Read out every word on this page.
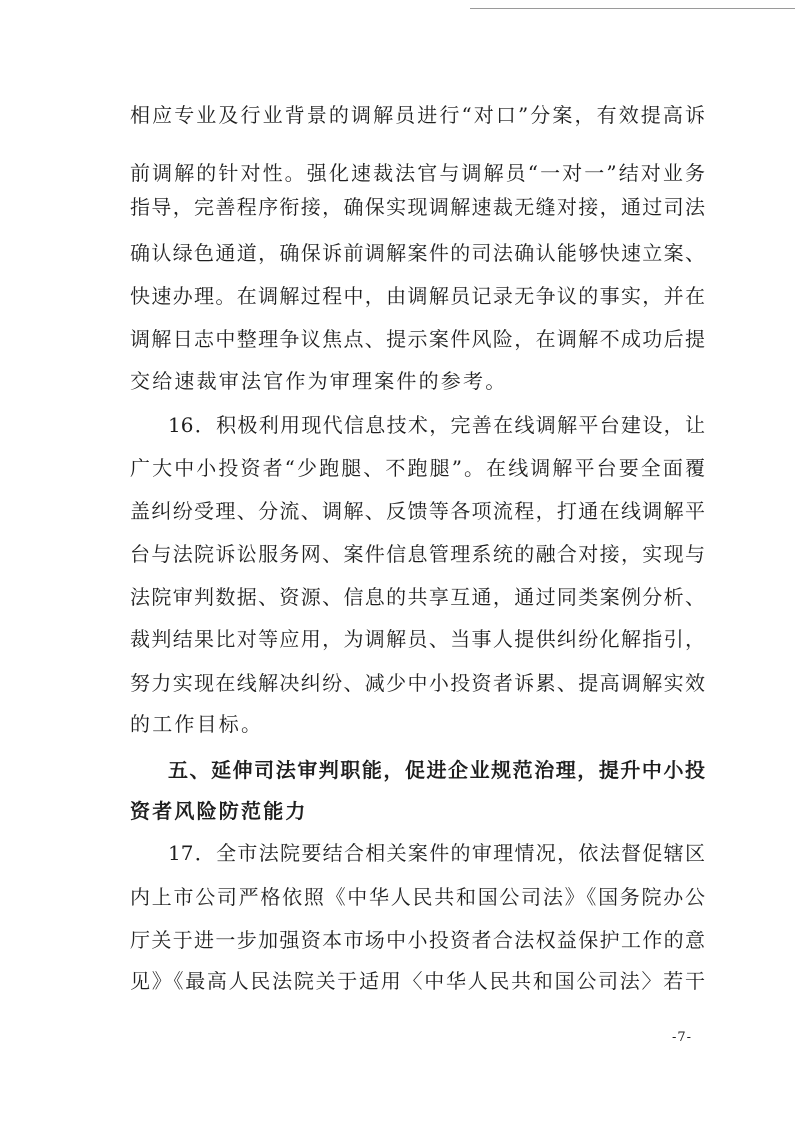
相应专业及行业背景的调解员进行“对口”分案，有效提高诉
前调解的针对性。强化速裁法官与调解员“一对一”结对业务
指导，完善程序衔接，确保实现调解速裁无缝对接，通过司法
确认绿色通道，确保诉前调解案件的司法确认能够快速立案、
快速办理。在调解过程中，由调解员记录无争议的事实，并在
调解日志中整理争议焦点、提示案件风险，在调解不成功后提
交给速裁审法官作为审理案件的参考。
16．积极利用现代信息技术，完善在线调解平台建设，让
广大中小投资者“少跑腿、不跑腿”。在线调解平台要全面覆
盖纠纷受理、分流、调解、反馈等各项流程，打通在线调解平
台与法院诉讼服务网、案件信息管理系统的融合对接，实现与
法院审判数据、资源、信息的共享互通，通过同类案例分析、
裁判结果比对等应用，为调解员、当事人提供纠纷化解指引，
努力实现在线解决纠纷、减少中小投资者诉累、提高调解实效
的工作目标。
五、延伸司法审判职能，促进企业规范治理，提升中小投
资者风险防范能力
17．全市法院要结合相关案件的审理情况，依法督促辖区
内上市公司严格依照《中华人民共和国公司法》《国务院办公
厅关于进一步加强资本市场中小投资者合法权益保护工作的意
见》《最高人民法院关于适用〈中华人民共和国公司法〉若干
-7-
